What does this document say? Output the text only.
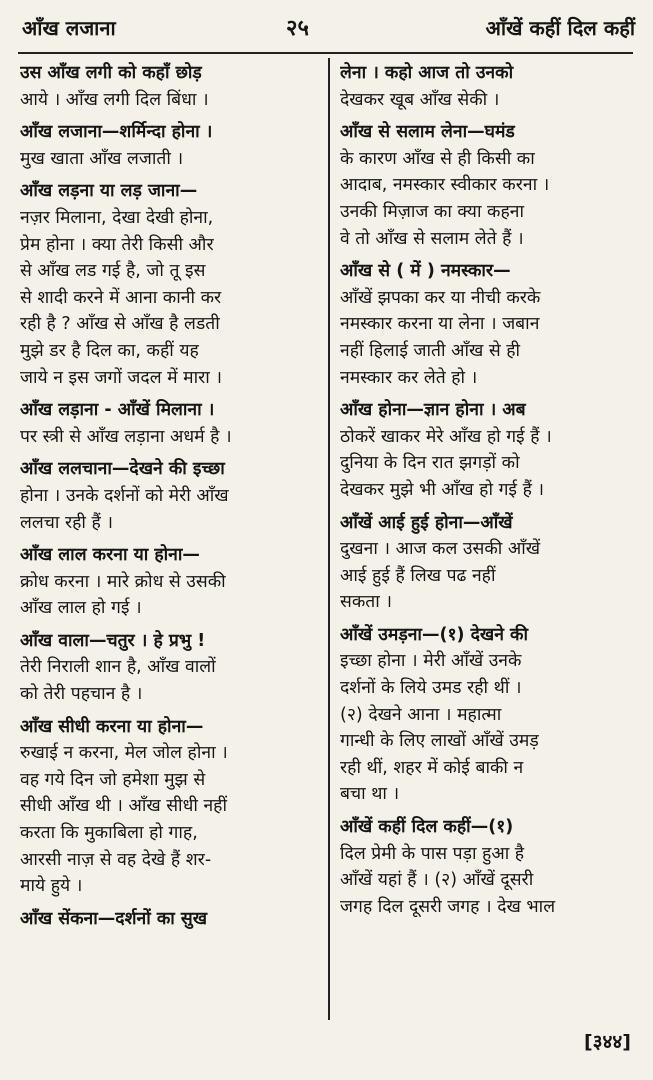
आँख लजाना	२५	आँखें कहीं दिल कहीं
उस आँख लगी को कहाँ छोड़
आये । आँख लगी दिल बिंधा ।
आँख लजाना—शर्मिन्दा होना ।
मुख खाता आँख लजाती ।
आँख लड़ना या लड़ जाना—
नज़र मिलाना, देखा देखी होना,
प्रेम होना । क्या तेरी किसी और
से आँख लड गई है, जो तू इस
से शादी करने में आना कानी कर
रही है ? आँख से आँख है लडती
मुझे डर है दिल का, कहीं यह
जाये न इस जगों जदल में मारा ।
आँख लड़ाना - आँखें मिलाना ।
पर स्त्री से आँख लड़ाना अधर्म है ।
आँख ललचाना—देखने की इच्छा
होना । उनके दर्शनों को मेरी आँख
ललचा रही हैं ।
आँख लाल करना या होना—
क्रोध करना । मारे क्रोध से उसकी
आँख लाल हो गई ।
आँख वाला—चतुर । हे प्रभु !
तेरी निराली शान है, आँख वालों
को तेरी पहचान है ।
आँख सीधी करना या होना—
रुखाई न करना, मेल जोल होना ।
वह गये दिन जो हमेशा मुझ से
सीधी आँख थी । आँख सीधी नहीं
करता कि मुकाबिला हो गाह,
आरसी नाज़ से वह देखे हैं शर-
माये हुये ।
आँख सेंकना—दर्शनों का सुख
लेना । कहो आज तो उनको
देखकर खूब आँख सेकी ।
आँख से सलाम लेना—घमंड
के कारण आँख से ही किसी का
आदाब, नमस्कार स्वीकार करना ।
उनकी मिज़ाज का क्या कहना
वे तो आँख से सलाम लेते हैं ।
आँख से ( में ) नमस्कार—
आँखें झपका कर या नीची करके
नमस्कार करना या लेना । जबान
नहीं हिलाई जाती आँख से ही
नमस्कार कर लेते हो ।
आँख होना—ज्ञान होना । अब
ठोकरें खाकर मेरे आँख हो गई हैं ।
दुनिया के दिन रात झगड़ों को
देखकर मुझे भी आँख हो गई हैं ।
आँखें आई हुई होना—आँखें
दुखना । आज कल उसकी आँखें
आई हुई हैं लिख पढ नहीं
सकता ।
आँखें उमड़ना—(१) देखने की
इच्छा होना । मेरी आँखें उनके
दर्शनों के लिये उमड रही थीं ।
(२) देखने आना । महात्मा
गान्धी के लिए लाखों आँखें उमड़
रही थीं, शहर में कोई बाकी न
बचा था ।
आँखें कहीं दिल कहीं—(१)
दिल प्रेमी के पास पड़ा हुआ है
आँखें यहां हैं । (२) आँखें दूसरी
जगह दिल दूसरी जगह । देख भाल
[३४४]
